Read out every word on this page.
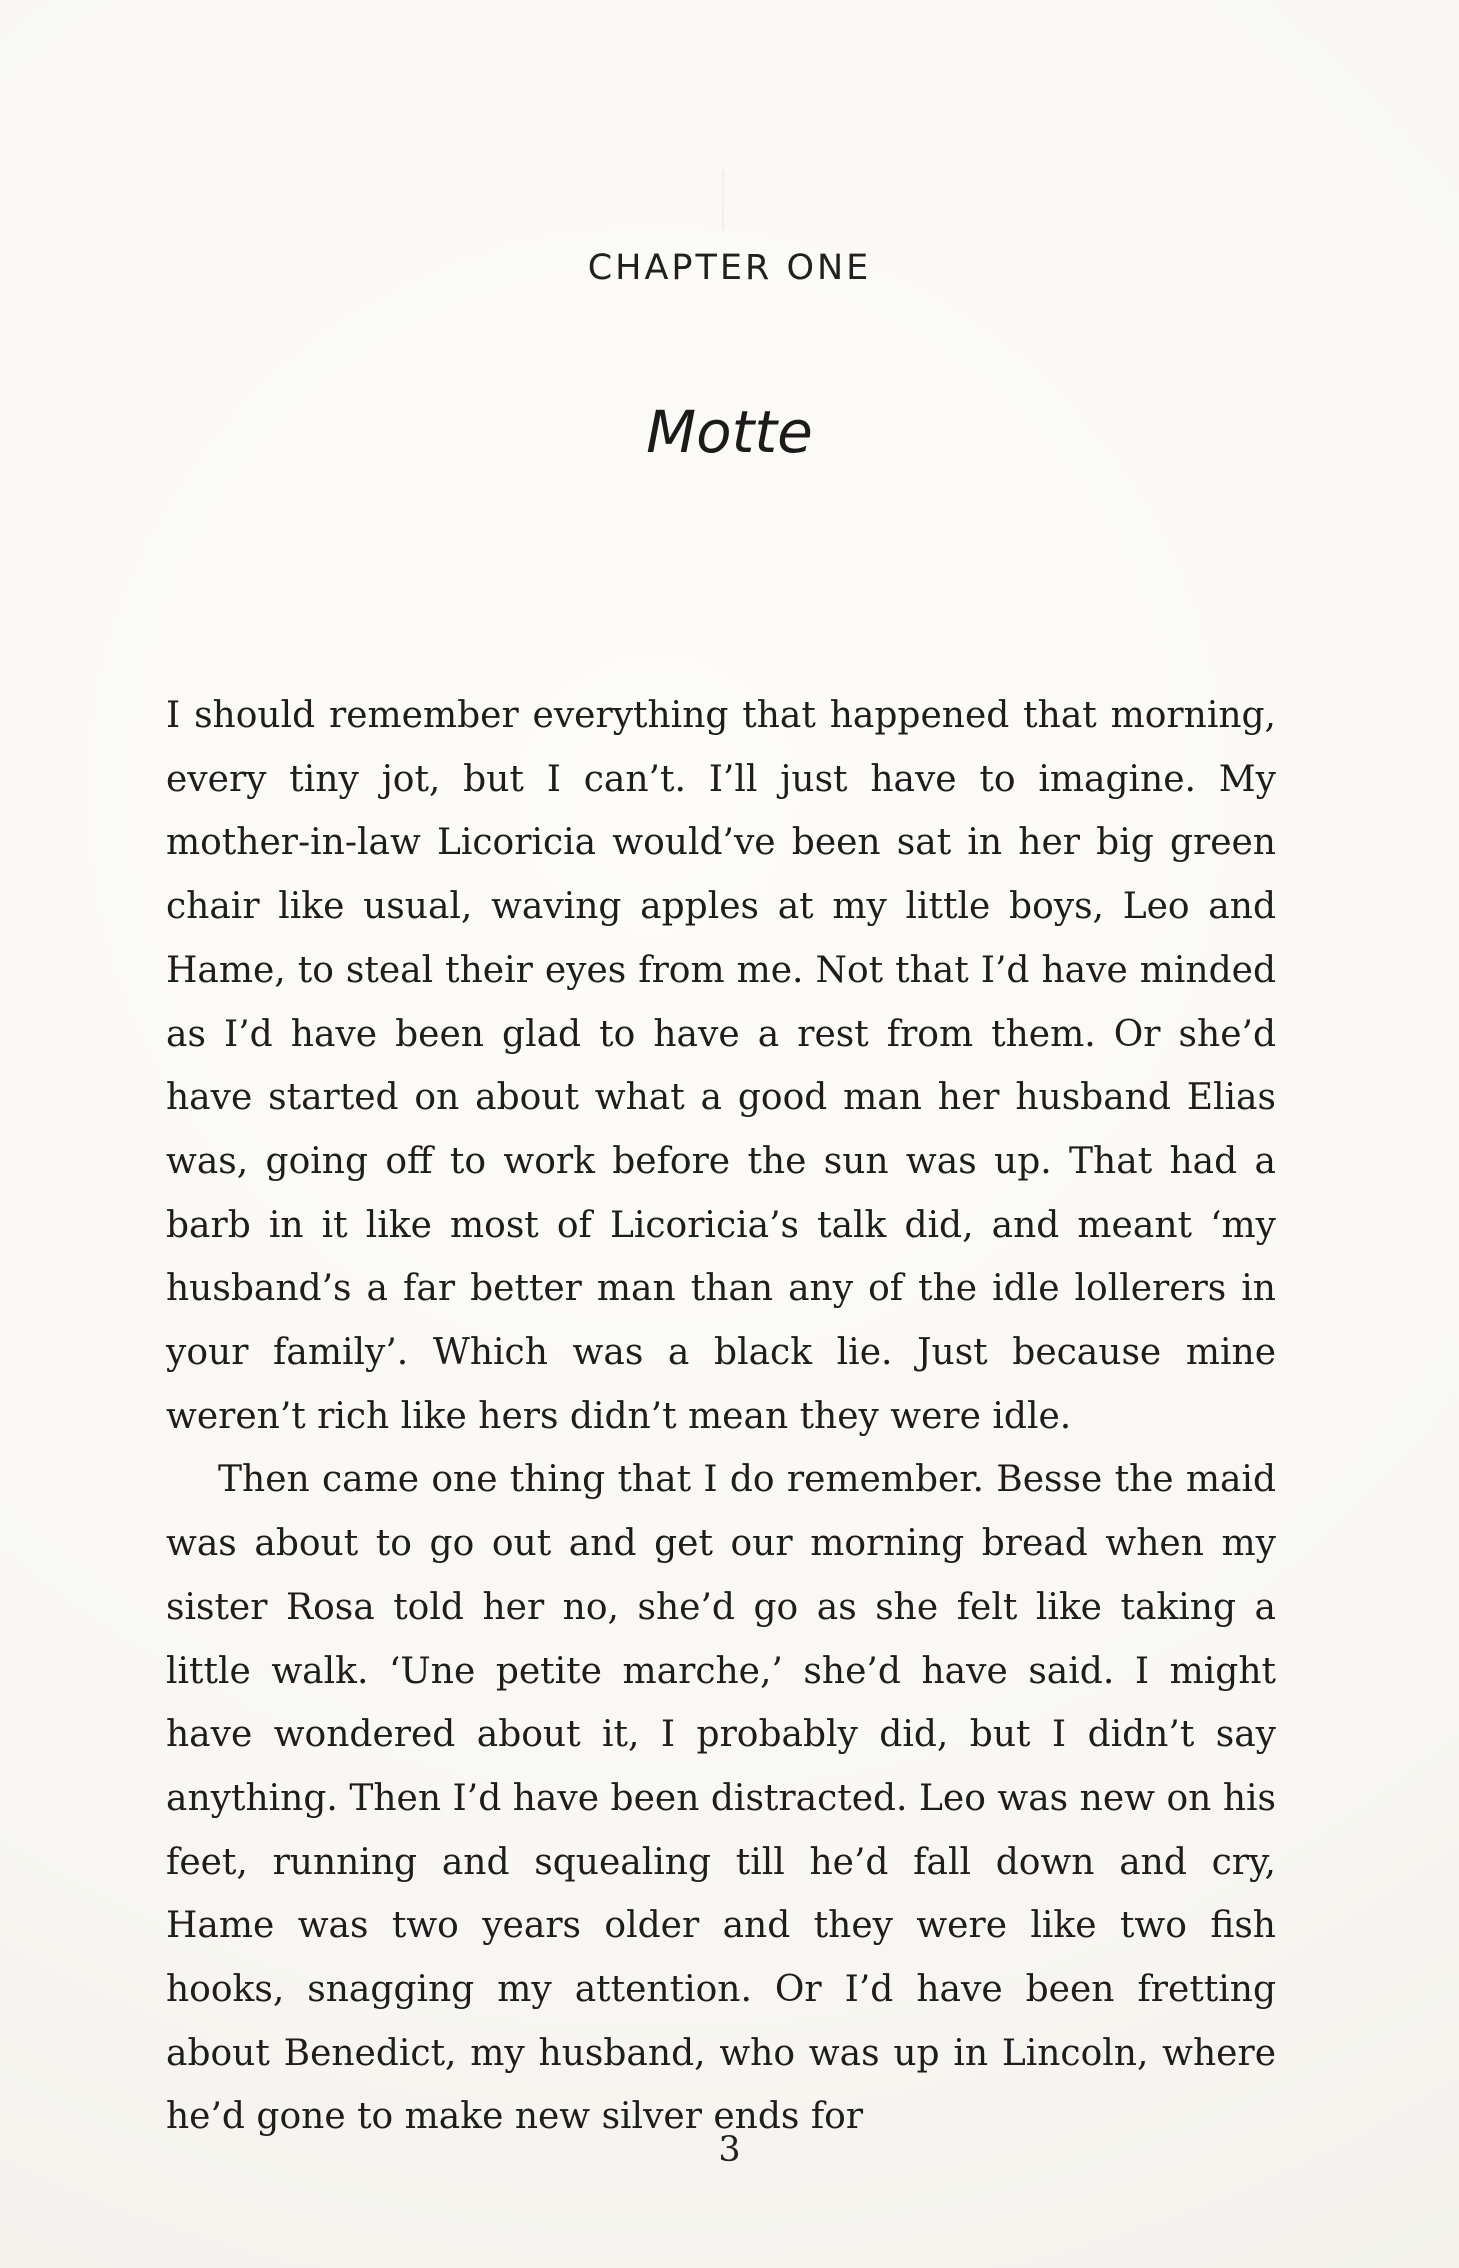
CHAPTER ONE
Motte

I should remember everything that happened that morning, every tiny jot, but I can’t. I’ll just have to imagine. My mother-in-law Licoricia would’ve been sat in her big green chair like usual, waving apples at my little boys, Leo and Hame, to steal their eyes from me. Not that I’d have minded as I’d have been glad to have a rest from them. Or she’d have started on about what a good man her husband Elias was, going off to work before the sun was up. That had a barb in it like most of Licoricia’s talk did, and meant ‘my husband’s a far better man than any of the idle lollerers in your family’. Which was a black lie. Just because mine weren’t rich like hers didn’t mean they were idle.

Then came one thing that I do remember. Besse the maid was about to go out and get our morning bread when my sister Rosa told her no, she’d go as she felt like taking a little walk. ‘Une petite marche,’ she’d have said. I might have wondered about it, I probably did, but I didn’t say anything. Then I’d have been distracted. Leo was new on his feet, running and squealing till he’d fall down and cry, Hame was two years older and they were like two fish hooks, snagging my attention. Or I’d have been fretting about Benedict, my husband, who was up in Lincoln, where he’d gone to make new silver ends for

3
